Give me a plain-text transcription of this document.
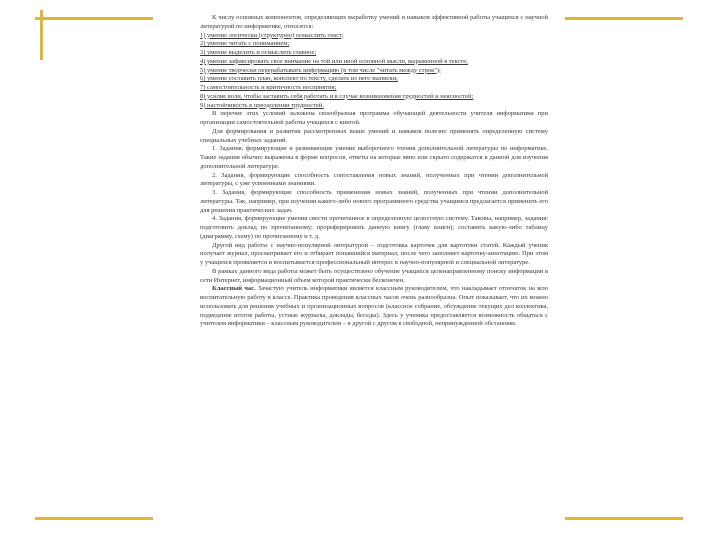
К числу основных компонентов, определяющих выработку умений и навыков эффективной работы учащихся с научной литературой по информатике, относятся:

1) умение логически (структурно) осмыслить текст;

2) умение читать с пониманием;

3) умение выделить и осмыслить главное;

4) умение зафиксировать свое внимание на той или иной основной мысли, выраженной в тексте;

5) умение творчески перерабатывать информацию (в том числе "читать между строк");

6) умение составить план, конспект по тексту, сделать из него выписки;

7) самостоятельность и критичность восприятия;

8) усилие воли, чтобы заставить себя работать и в случае возникновения трудностей и неясностей;

9) настойчивость в преодолении трудностей.

В перечне этих условий заложена своеобразная программа обучающей деятельности учителя информатики при организации самостоятельной работы учащихся с книгой.

Для формирования и развития рассмотренных выше умений и навыков полезно применять определенную систему специальных учебных заданий.

1. Задания, формирующие и развивающие умение выборочного чтения дополнительной литературы по информатике. Такие задания обычно выражены в форме вопросов, ответы на которые явно или скрыто содержатся в данной для изучения дополнительной литературе.

2. Задания, формирующие способность сопоставления новых знаний, полученных при чтении дополнительной литературы, с уже усвоенными знаниями.

3. Задания, формирующие способность применения новых знаний, полученных при чтении дополнительной литературы. Так, например, при изучении какого-либо нового программного средства учащимся предлагается применить его для решения практических задач.

4. Задания, формирующие умения свести прочитанное в определенную целостную систему. Таковы, например, задания: подготовить доклад по прочитанному; прореферировать данную книгу (главу книги); составить какую-либо таблицу (диаграмму, схему) по прочитанному и т. д.

Другой вид работы с научно-популярной литературой – подготовка карточек для картотеки статей. Каждый ученик получает журнал, просматривает его и отбирает попавшийся материал, после чего заполняет карточку-аннотацию. При этом у учащихся проявляется и воспитывается профессиональный интерес к научно-популярной и специальной литературе.

В рамках данного вида работы может быть осуществлено обучение учащихся целенаправленному поиску информации в сети Интернет, информационный объем которой практически бесконечен.

Классный час. Зачастую учитель информатики является классным руководителем, что накладывает отпечаток на всю воспитательную работу в классе. Практика проведения классных часов очень разнообразна. Опыт показывает, что их можно использовать для решения учебных и организационных вопросов (классное собрание, обсуждение текущих дел коллектива, подведение итогов работы, устные журналы, доклады, беседы). Здесь у ученика предоставляется возможность общаться с учителем информатики – классным руководителем – в другой с другом в свободной, непринужденной обстановке.
